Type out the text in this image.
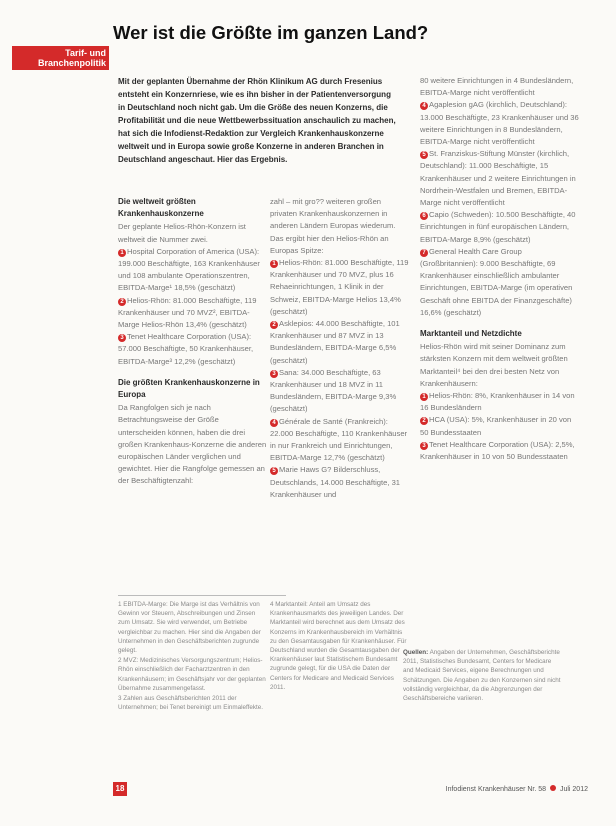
Wer ist die Größte im ganzen Land?
Tarif- und
Branchenpolitik
Mit der geplanten Übernahme der Rhön Klinikum AG durch Fresenius entsteht ein Konzernriese, wie es ihn bisher in der Patientenversorgung in Deutschland noch nicht gab. Um die Größe des neuen Konzerns, die Profitabilität und die neue Wettbewerbssituation anschaulich zu machen, hat sich die Infodienst-Redaktion zur Vergleich Krankenhauskonzerne weltweit und in Europa sowie große Konzerne in anderen Branchen in Deutschland angeschaut. Hier das Ergebnis.

80 weitere Einrichtungen in 4 Bundesländern, EBITDA-Marge nicht veröffentlicht

4 Agaplesion gAG (kirchlich, Deutschland): 13.000 Beschäftigte, 23 Krankenhäuser und 36 weitere Einrichtungen in 8 Bundesländern, EBITDA-Marge nicht veröffentlicht

5 St. Franziskus-Stiftung Münster (kirchlich, Deutschland): 11.000 Beschäftigte, 15 Krankenhäuser und 2 weitere Einrichtungen in Nordrhein-Westfalen und Bremen, EBITDA-Marge nicht veröffentlicht

6 Capio (Schweden): 10.500 Beschäftigte, 40 Einrichtungen in fünf europäischen Ländern, EBITDA-Marge 8,9% (geschätzt)

7 General Health Care Group (Großbritannien): 9.000 Beschäftigte, 69 Krankenhäuser einschließlich ambulanter Einrichtungen, EBITDA-Marge (im operativen Geschäft ohne EBITDA der Finanzgeschäfte) 16,6% (geschätzt)

Marktanteil und Netzdichte

Helios-Rhön wird mit seiner Dominanz zum stärksten Konzern mit dem weltweit größten Marktanteil⁴ bei den drei besten Netz von Krankenhäusern:

1 Helios-Rhön: 8%, Krankenhäuser in 14 von 16 Bundesländern

2 HCA (USA): 5%, Krankenhäuser in 20 von 50 Bundesstaaten

3 Tenet Healthcare Corporation (USA): 2,5%, Krankenhäuser in 10 von 50 Bundesstaaten

Die weltweit größten Krankenhauskonzerne

Der geplante Helios-Rhön-Konzern ist weltweit die Nummer zwei.

1 Hospital Corporation of America (USA): 199.000 Beschäftigte, 163 Krankenhäuser und 108 ambulante Operationszentren, EBITDA-Marge¹ 18,5% (geschätzt)

2 Helios-Rhön: 81.000 Beschäftigte, 119 Krankenhäuser und 70 MVZ², EBITDA-Marge Helios-Rhön 13,4% (geschätzt)

3 Tenet Healthcare Corporation (USA): 57.000 Beschäftigte, 50 Krankenhäuser, EBITDA-Marge³ 12,2% (geschätzt)

Die größten Krankenhauskonzerne in Europa

Da Rangfolgen sich je nach Betrachtungsweise der Größe unterscheiden können, haben die drei großen Krankenhaus-Konzerne die anderen europäischen Länder verglichen und gewichtet. Hier die Rangfolge gemessen an der Beschäftigtenzahl:

zahl – mit gro?? weiteren großen privaten Krankenhauskonzernen in anderen Ländern Europas wiederum. Das ergibt hier den Helios-Rhön an Europas Spitze:

1 Helios-Rhön: 81.000 Beschäftigte, 119 Krankenhäuser und 70 MVZ, plus 16 Rehaeinrichtungen, 1 Klinik in der Schweiz, EBITDA-Marge Helios 13,4% (geschätzt)

2 Asklepios: 44.000 Beschäftigte, 101 Krankenhäuser und 87 MVZ in 13 Bundesländern, EBITDA-Marge 6,5% (geschätzt)

3 Sana: 34.000 Beschäftigte, 63 Krankenhäuser und 18 MVZ in 11 Bundesländern, EBITDA-Marge 9,3% (geschätzt)

4 Générale de Santé (Frankreich): 22.000 Beschäftigte, 110 Krankenhäuser in nur Frankreich und Einrichtungen, EBITDA-Marge 12,7% (geschätzt)

5 Marie Haws G? Bilderschluss, Deutschlands, 14.000 Beschäftigte, 31 Krankenhäuser und

1 EBITDA-Marge: Die Marge ist das Verhältnis von Gewinn vor Steuern, Abschreibungen und Zinsen zum Umsatz. Sie wird verwendet, um Betriebe vergleichbar zu machen. Hier sind die Angaben der Unternehmen in den Geschäftsberichten zugrunde gelegt.

2 MVZ: Medizinisches Versorgungszentrum; Helios-Rhön einschließlich der Facharztzentren in den Krankenhäusern; im Geschäftsjahr vor der geplanten Übernahme zusammengefasst.

3 Zahlen aus Geschäftsberichten 2011 der Unternehmen; bei Tenet bereinigt um Einmaleffekte.

4 Marktanteil: Anteil am Umsatz des Krankenhausmarkts des jeweiligen Landes. Der Marktanteil wird berechnet aus dem Umsatz des Konzerns im Krankenhausbereich im Verhältnis zu den Gesamtausgaben für Krankenhäuser. Für Deutschland wurden die Gesamtausgaben der Krankenhäuser laut Statistischem Bundesamt zugrunde gelegt, für die USA die Daten der Centers for Medicare and Medicaid Services 2011.

Quellen: Angaben der Unternehmen, Geschäftsberichte 2011, Statistisches Bundesamt, Centers for Medicare and Medicaid Services, eigene Berechnungen und Schätzungen. Die Angaben zu den Konzernen sind nicht vollständig vergleichbar, da die Abgrenzungen der Geschäftsbereiche variieren.
18	Infodienst Krankenhäuser Nr. 58 Juli 2012
